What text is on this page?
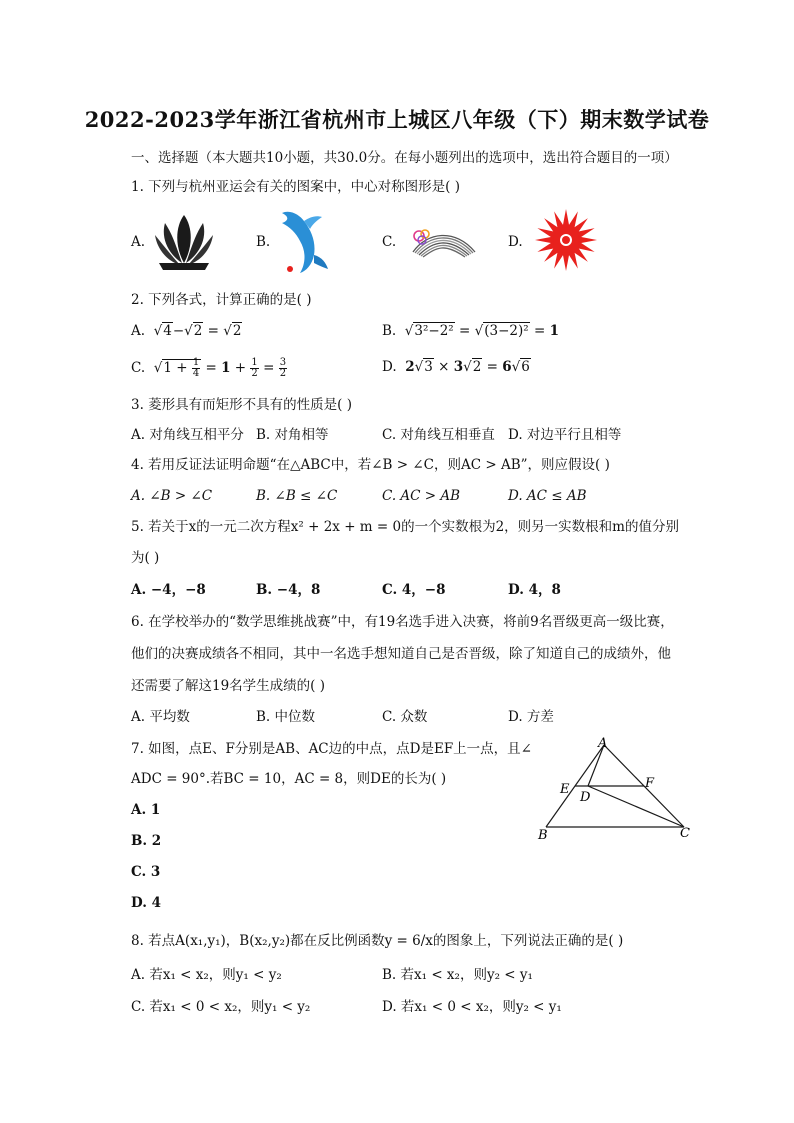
2022-2023学年浙江省杭州市上城区八年级（下）期末数学试卷
一、选择题（本大题共10小题，共30.0分。在每小题列出的选项中，选出符合题目的一项）
1. 下列与杭州亚运会有关的图案中，中心对称图形是( )
A.	B.	C.	D.
2. 下列各式，计算正确的是( )
A.  √4−√2 = √2	B.  √3²−2² = √(3−2)² = 1
C.  $√1 + \frac{1}{4} = 1 + \frac{1}{2} = \frac{3}{2}$	D.  2√3 × 3√2 = 6√6
3. 菱形具有而矩形不具有的性质是( )
A. 对角线互相平分 B. 对角相等	C. 对角线互相垂直 D. 对边平行且相等
4. 若用反证法证明命题“在△ABC中，若∠B > ∠C，则AC > AB”，则应假设( )
A. ∠B > ∠C	B. ∠B ≤ ∠C	C. AC > AB	D. AC ≤ AB
5. 若关于x的一元二次方程x² + 2x + m = 0的一个实数根为2，则另一实数根和m的值分别
为( )
A. −4，−8	B. −4，8	C. 4，−8	D. 4，8
6. 在学校举办的“数学思维挑战赛”中，有19名选手进入决赛，将前9名晋级更高一级比赛，
他们的决赛成绩各不相同，其中一名选手想知道自己是否晋级，除了知道自己的成绩外，他
还需要了解这19名学生成绩的( )
A. 平均数	B. 中位数	C. 众数	D. 方差
7. 如图，点E、F分别是AB、AC边的中点，点D是EF上一点，且∠
ADC = 90°.若BC = 10，AC = 8，则DE的长为( )
A. 1
B. 2
C. 3
D. 4
A
B	C
D
E	F
8. 若点A(x₁,y₁)，B(x₂,y₂)都在反比例函数y = 6/x的图象上，下列说法正确的是( )
A. 若x₁ < x₂，则y₁ < y₂	B. 若x₁ < x₂，则y₂ < y₁
C. 若x₁ < 0 < x₂，则y₁ < y₂	D. 若x₁ < 0 < x₂，则y₂ < y₁
